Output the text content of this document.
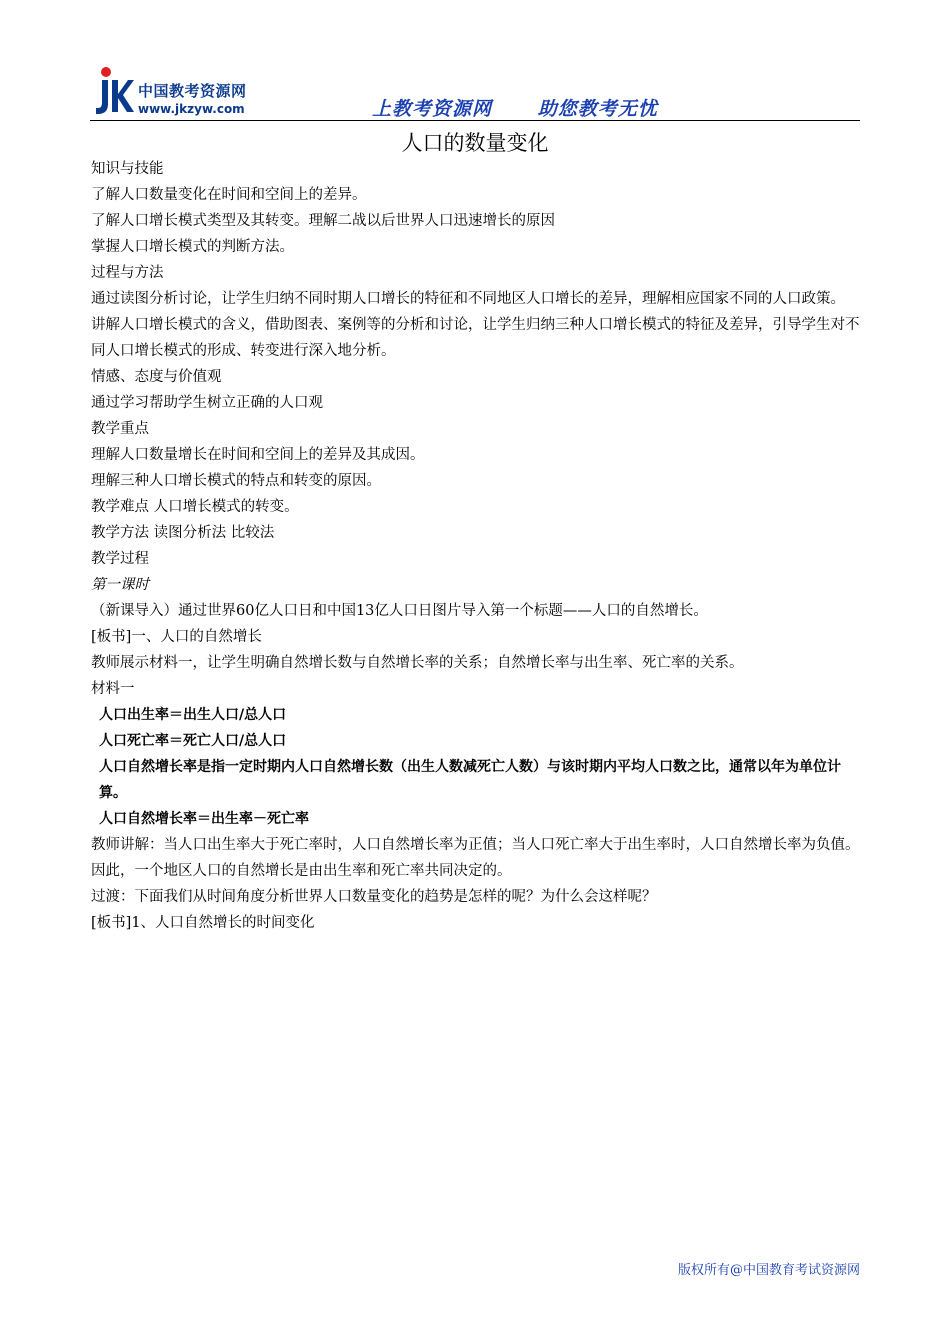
中国教考资源网
www.jkzyw.com	上教考资源网      助您教考无忧
人口的数量变化

知识与技能

了解人口数量变化在时间和空间上的差异。

了解人口增长模式类型及其转变。理解二战以后世界人口迅速增长的原因

掌握人口增长模式的判断方法。

过程与方法

通过读图分析讨论，让学生归纳不同时期人口增长的特征和不同地区人口增长的差异，理解相应国家不同的人口政策。

讲解人口增长模式的含义，借助图表、案例等的分析和讨论，让学生归纳三种人口增长模式的特征及差异，引导学生对不同人口增长模式的形成、转变进行深入地分析。

情感、态度与价值观

通过学习帮助学生树立正确的人口观

教学重点

理解人口数量增长在时间和空间上的差异及其成因。

理解三种人口增长模式的特点和转变的原因。

教学难点 人口增长模式的转变。

教学方法 读图分析法 比较法

教学过程

第一课时

（新课导入）通过世界60亿人口日和中国13亿人口日图片导入第一个标题——人口的自然增长。

[板书]一、人口的自然增长

教师展示材料一，让学生明确自然增长数与自然增长率的关系；自然增长率与出生率、死亡率的关系。

材料一

人口出生率＝出生人口/总人口

人口死亡率＝死亡人口/总人口

人口自然增长率是指一定时期内人口自然增长数（出生人数减死亡人数）与该时期内平均人口数之比，通常以年为单位计算。

人口自然增长率＝出生率－死亡率

教师讲解：当人口出生率大于死亡率时，人口自然增长率为正值；当人口死亡率大于出生率时，人口自然增长率为负值。因此，一个地区人口的自然增长是由出生率和死亡率共同决定的。

过渡：下面我们从时间角度分析世界人口数量变化的趋势是怎样的呢？为什么会这样呢？

[板书]1、人口自然增长的时间变化

版权所有@中国教育考试资源网
